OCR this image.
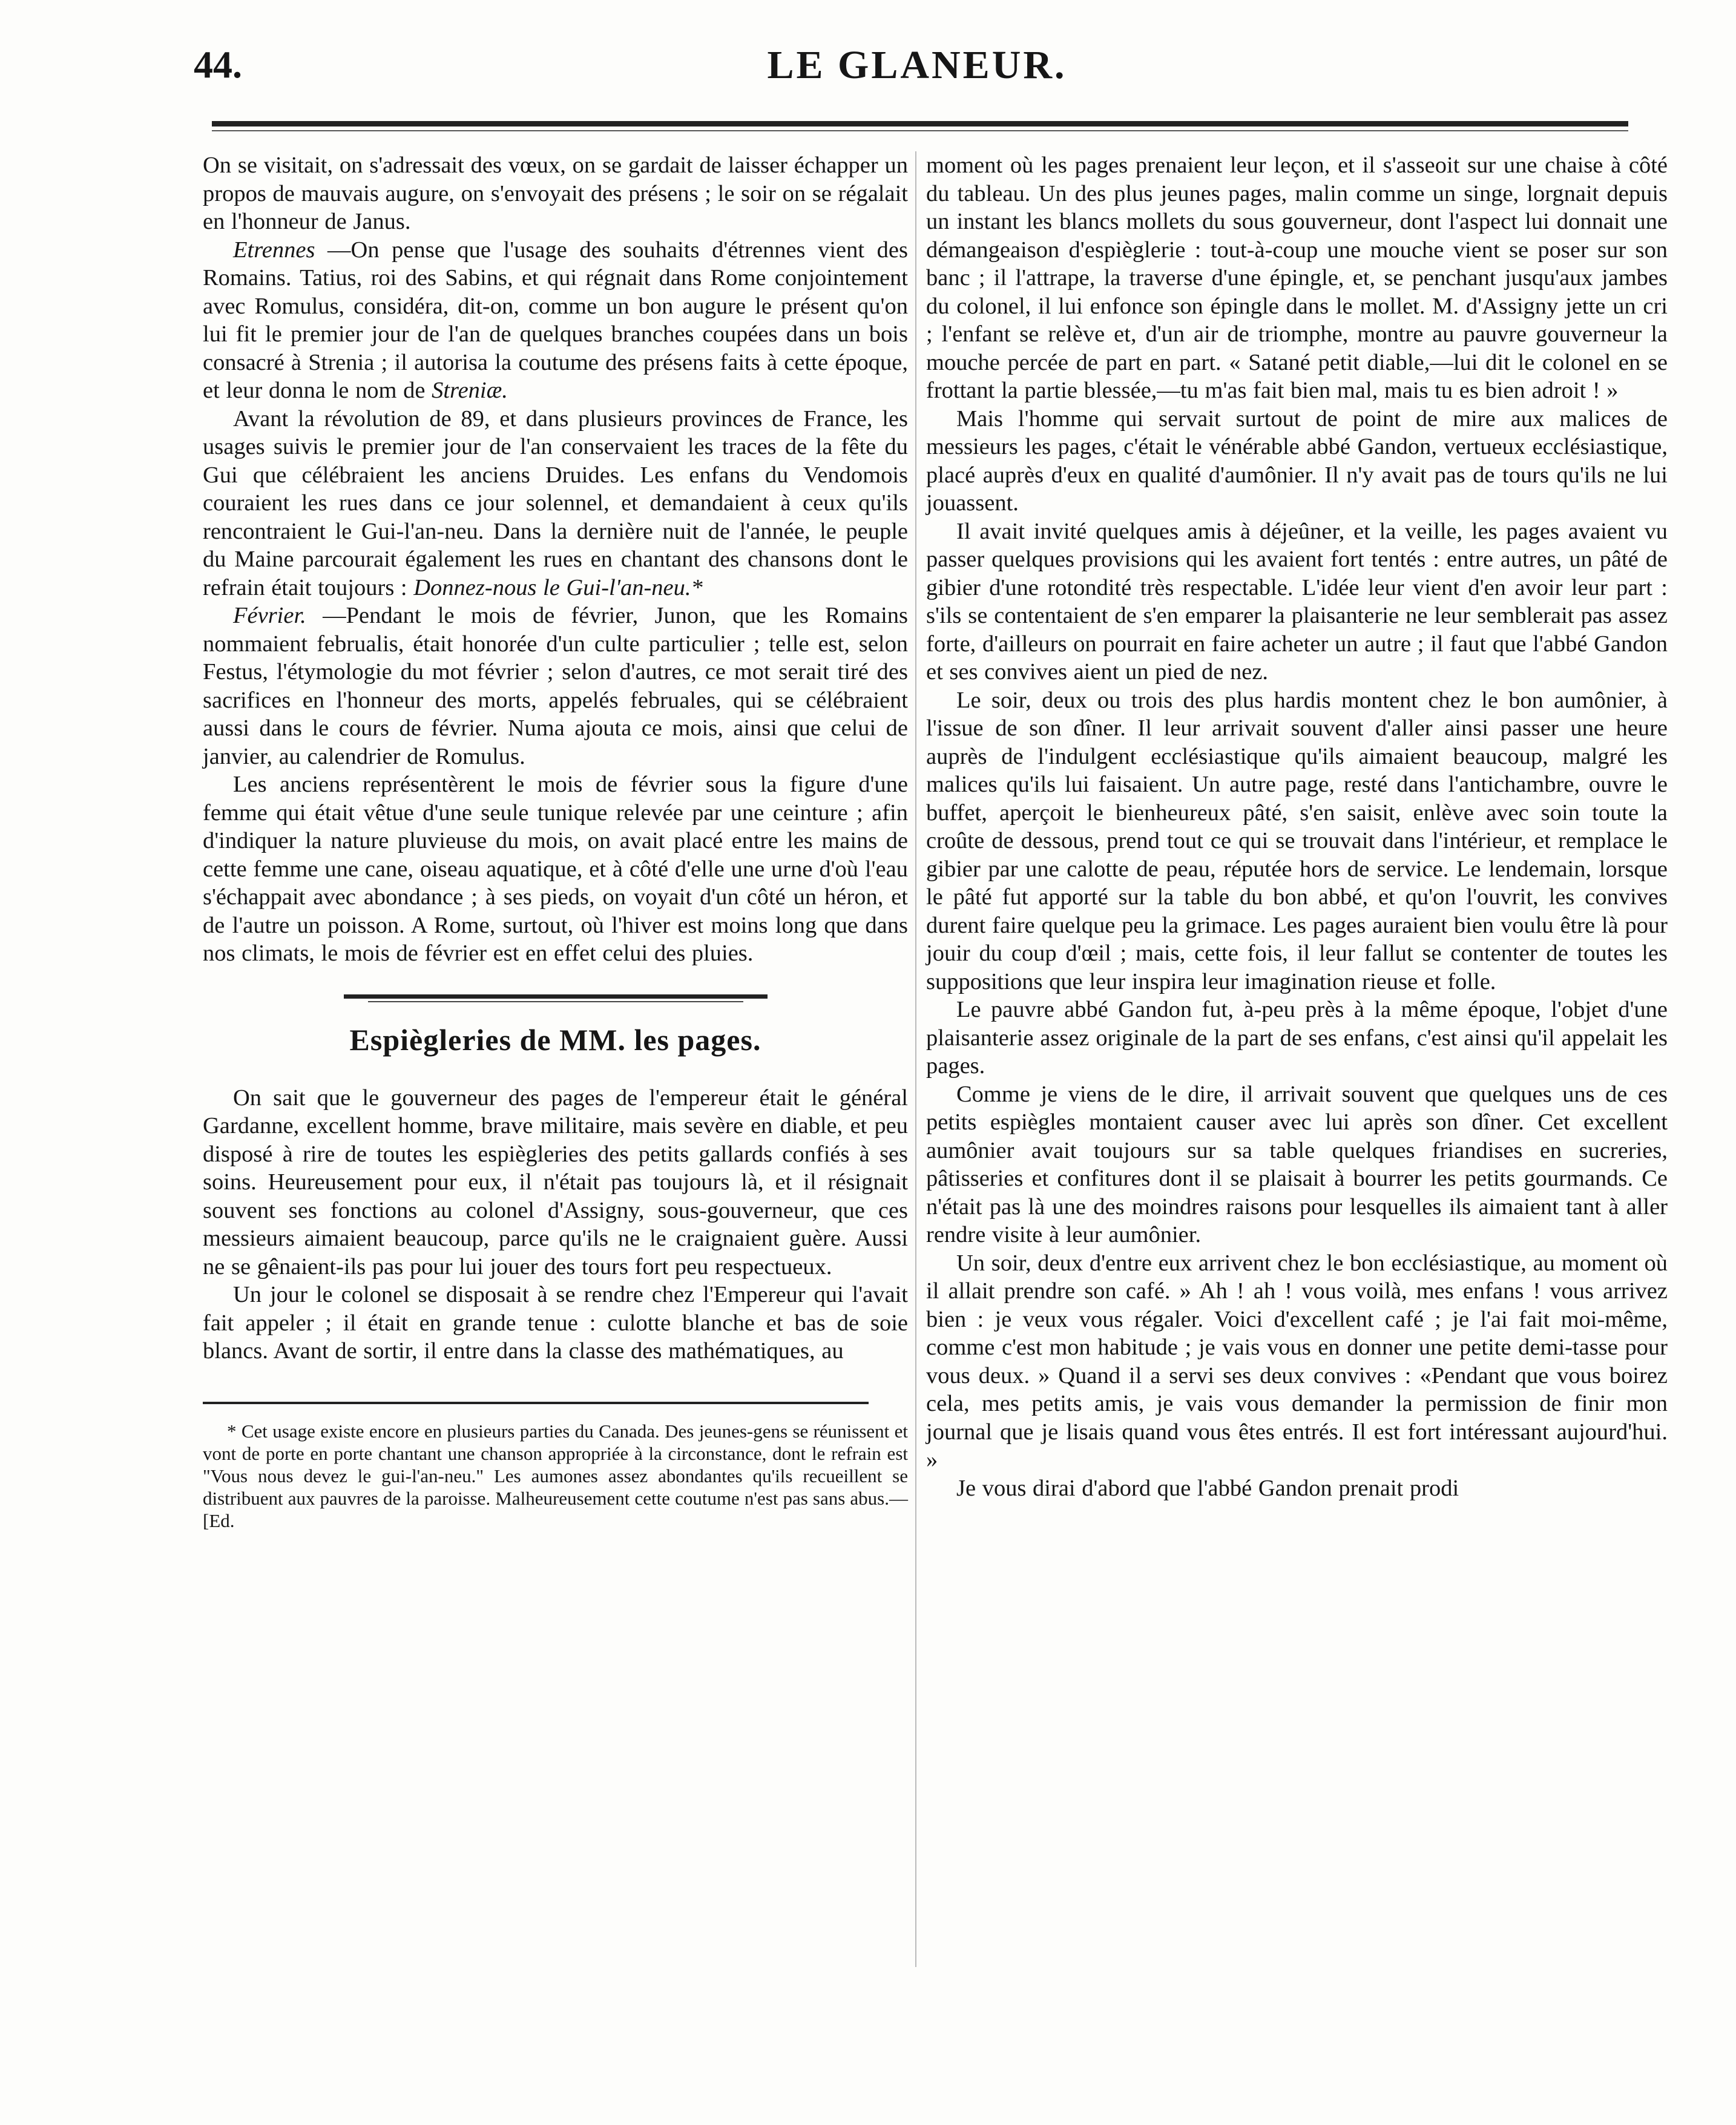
44.	LE GLANEUR.

On se visitait, on s'adressait des vœux, on se gardait de laisser échapper un propos de mauvais augure, on s'envoyait des présens ; le soir on se régalait en l'honneur de Janus.

Etrennes —On pense que l'usage des souhaits d'étrennes vient des Romains. Tatius, roi des Sabins, et qui régnait dans Rome conjointement avec Romulus, considéra, dit-on, comme un bon augure le présent qu'on lui fit le premier jour de l'an de quelques branches coupées dans un bois consacré à Strenia ; il autorisa la coutume des présens faits à cette époque, et leur donna le nom de Streniæ.

Avant la révolution de 89, et dans plusieurs provinces de France, les usages suivis le premier jour de l'an conservaient les traces de la fête du Gui que célébraient les anciens Druides. Les enfans du Vendomois couraient les rues dans ce jour solennel, et demandaient à ceux qu'ils rencontraient le Gui-l'an-neu. Dans la dernière nuit de l'année, le peuple du Maine parcourait également les rues en chantant des chansons dont le refrain était toujours : Donnez-nous le Gui-l'an-neu.*

Février. —Pendant le mois de février, Junon, que les Romains nommaient februalis, était honorée d'un culte particulier ; telle est, selon Festus, l'étymologie du mot février ; selon d'autres, ce mot serait tiré des sacrifices en l'honneur des morts, appelés februales, qui se célébraient aussi dans le cours de février. Numa ajouta ce mois, ainsi que celui de janvier, au calendrier de Romulus.

Les anciens représentèrent le mois de février sous la figure d'une femme qui était vêtue d'une seule tunique relevée par une ceinture ; afin d'indiquer la nature pluvieuse du mois, on avait placé entre les mains de cette femme une cane, oiseau aquatique, et à côté d'elle une urne d'où l'eau s'échappait avec abondance ; à ses pieds, on voyait d'un côté un héron, et de l'autre un poisson. A Rome, surtout, où l'hiver est moins long que dans nos climats, le mois de février est en effet celui des pluies.

Espiègleries de MM. les pages.

On sait que le gouverneur des pages de l'empereur était le général Gardanne, excellent homme, brave militaire, mais sevère en diable, et peu disposé à rire de toutes les espiègleries des petits gallards confiés à ses soins. Heureusement pour eux, il n'était pas toujours là, et il résignait souvent ses fonctions au colonel d'Assigny, sous-gouverneur, que ces messieurs aimaient beaucoup, parce qu'ils ne le craignaient guère. Aussi ne se gênaient-ils pas pour lui jouer des tours fort peu respectueux.

Un jour le colonel se disposait à se rendre chez l'Empereur qui l'avait fait appeler ; il était en grande tenue : culotte blanche et bas de soie blancs. Avant de sortir, il entre dans la classe des mathématiques, au

* Cet usage existe encore en plusieurs parties du Canada. Des jeunes-gens se réunissent et vont de porte en porte chantant une chanson appropriée à la circonstance, dont le refrain est "Vous nous devez le gui-l'an-neu." Les aumones assez abondantes qu'ils recueillent se distribuent aux pauvres de la paroisse. Malheureusement cette coutume n'est pas sans abus.—[Ed.

moment où les pages prenaient leur leçon, et il s'asseoit sur une chaise à côté du tableau. Un des plus jeunes pages, malin comme un singe, lorgnait depuis un instant les blancs mollets du sous gouverneur, dont l'aspect lui donnait une démangeaison d'espièglerie : tout-à-coup une mouche vient se poser sur son banc ; il l'attrape, la traverse d'une épingle, et, se penchant jusqu'aux jambes du colonel, il lui enfonce son épingle dans le mollet. M. d'Assigny jette un cri ; l'enfant se relève et, d'un air de triomphe, montre au pauvre gouverneur la mouche percée de part en part. « Satané petit diable,—lui dit le colonel en se frottant la partie blessée,—tu m'as fait bien mal, mais tu es bien adroit ! »

Mais l'homme qui servait surtout de point de mire aux malices de messieurs les pages, c'était le vénérable abbé Gandon, vertueux ecclésiastique, placé auprès d'eux en qualité d'aumônier. Il n'y avait pas de tours qu'ils ne lui jouassent.

Il avait invité quelques amis à déjeûner, et la veille, les pages avaient vu passer quelques provisions qui les avaient fort tentés : entre autres, un pâté de gibier d'une rotondité très respectable. L'idée leur vient d'en avoir leur part : s'ils se contentaient de s'en emparer la plaisanterie ne leur semblerait pas assez forte, d'ailleurs on pourrait en faire acheter un autre ; il faut que l'abbé Gandon et ses convives aient un pied de nez.

Le soir, deux ou trois des plus hardis montent chez le bon aumônier, à l'issue de son dîner. Il leur arrivait souvent d'aller ainsi passer une heure auprès de l'indulgent ecclésiastique qu'ils aimaient beaucoup, malgré les malices qu'ils lui faisaient. Un autre page, resté dans l'antichambre, ouvre le buffet, aperçoit le bienheureux pâté, s'en saisit, enlève avec soin toute la croûte de dessous, prend tout ce qui se trouvait dans l'intérieur, et remplace le gibier par une calotte de peau, réputée hors de service. Le lendemain, lorsque le pâté fut apporté sur la table du bon abbé, et qu'on l'ouvrit, les convives durent faire quelque peu la grimace. Les pages auraient bien voulu être là pour jouir du coup d'œil ; mais, cette fois, il leur fallut se contenter de toutes les suppositions que leur inspira leur imagination rieuse et folle.

Le pauvre abbé Gandon fut, à-peu près à la même époque, l'objet d'une plaisanterie assez originale de la part de ses enfans, c'est ainsi qu'il appelait les pages.

Comme je viens de le dire, il arrivait souvent que quelques uns de ces petits espiègles montaient causer avec lui après son dîner. Cet excellent aumônier avait toujours sur sa table quelques friandises en sucreries, pâtisseries et confitures dont il se plaisait à bourrer les petits gourmands. Ce n'était pas là une des moindres raisons pour lesquelles ils aimaient tant à aller rendre visite à leur aumônier.

Un soir, deux d'entre eux arrivent chez le bon ecclésiastique, au moment où il allait prendre son café. » Ah ! ah ! vous voilà, mes enfans ! vous arrivez bien : je veux vous régaler. Voici d'excellent café ; je l'ai fait moi-même, comme c'est mon habitude ; je vais vous en donner une petite demi-tasse pour vous deux. » Quand il a servi ses deux convives : «Pendant que vous boirez cela, mes petits amis, je vais vous demander la permission de finir mon journal que je lisais quand vous êtes entrés. Il est fort intéressant aujourd'hui. »

Je vous dirai d'abord que l'abbé Gandon prenait prodi
